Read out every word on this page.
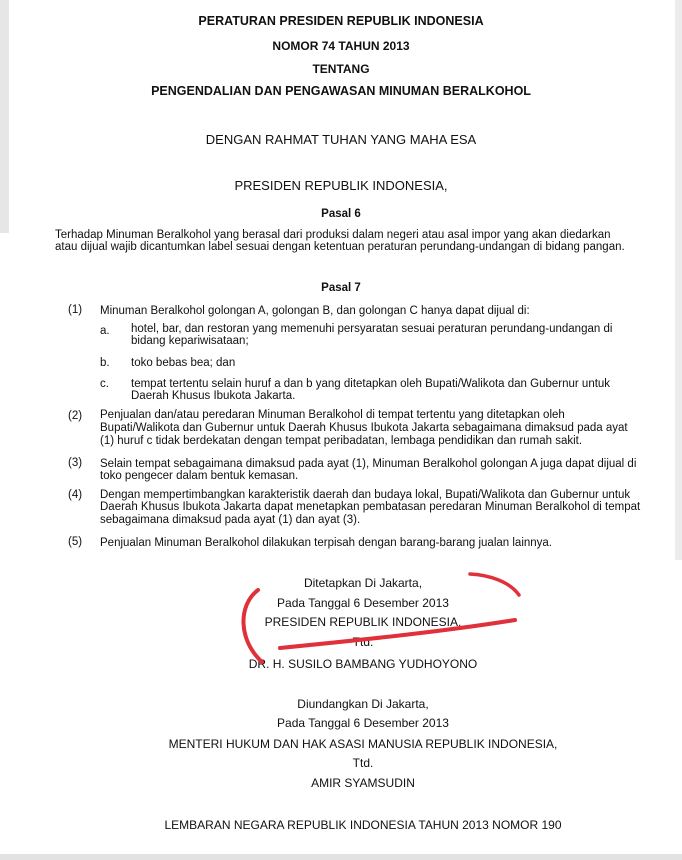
PERATURAN PRESIDEN REPUBLIK INDONESIA
NOMOR 74 TAHUN 2013
TENTANG
PENGENDALIAN DAN PENGAWASAN MINUMAN BERALKOHOL
DENGAN RAHMAT TUHAN YANG MAHA ESA
PRESIDEN REPUBLIK INDONESIA,
Pasal 6
Terhadap Minuman Beralkohol yang berasal dari produksi dalam negeri atau asal impor yang akan diedarkan
atau dijual wajib dicantumkan label sesuai dengan ketentuan peraturan perundang-undangan di bidang pangan.
Pasal 7
(1) Minuman Beralkohol golongan A, golongan B, dan golongan C hanya dapat dijual di:
a. hotel, bar, dan restoran yang memenuhi persyaratan sesuai peraturan perundang-undangan di
bidang kepariwisataan;
b. toko bebas bea; dan
c. tempat tertentu selain huruf a dan b yang ditetapkan oleh Bupati/Walikota dan Gubernur untuk
Daerah Khusus Ibukota Jakarta.
(2) Penjualan dan/atau peredaran Minuman Beralkohol di tempat tertentu yang ditetapkan oleh
Bupati/Walikota dan Gubernur untuk Daerah Khusus Ibukota Jakarta sebagaimana dimaksud pada ayat
(1) huruf c tidak berdekatan dengan tempat peribadatan, lembaga pendidikan dan rumah sakit.
(3) Selain tempat sebagaimana dimaksud pada ayat (1), Minuman Beralkohol golongan A juga dapat dijual di
toko pengecer dalam bentuk kemasan.
(4) Dengan mempertimbangkan karakteristik daerah dan budaya lokal, Bupati/Walikota dan Gubernur untuk
Daerah Khusus Ibukota Jakarta dapat menetapkan pembatasan peredaran Minuman Beralkohol di tempat
sebagaimana dimaksud pada ayat (1) dan ayat (3).
(5) Penjualan Minuman Beralkohol dilakukan terpisah dengan barang-barang jualan lainnya.
Ditetapkan Di Jakarta,
Pada Tanggal 6 Desember 2013
PRESIDEN REPUBLIK INDONESIA,
Ttd.
DR. H. SUSILO BAMBANG YUDHOYONO
Diundangkan Di Jakarta,
Pada Tanggal 6 Desember 2013
MENTERI HUKUM DAN HAK ASASI MANUSIA REPUBLIK INDONESIA,
Ttd.
AMIR SYAMSUDIN
LEMBARAN NEGARA REPUBLIK INDONESIA TAHUN 2013 NOMOR 190
